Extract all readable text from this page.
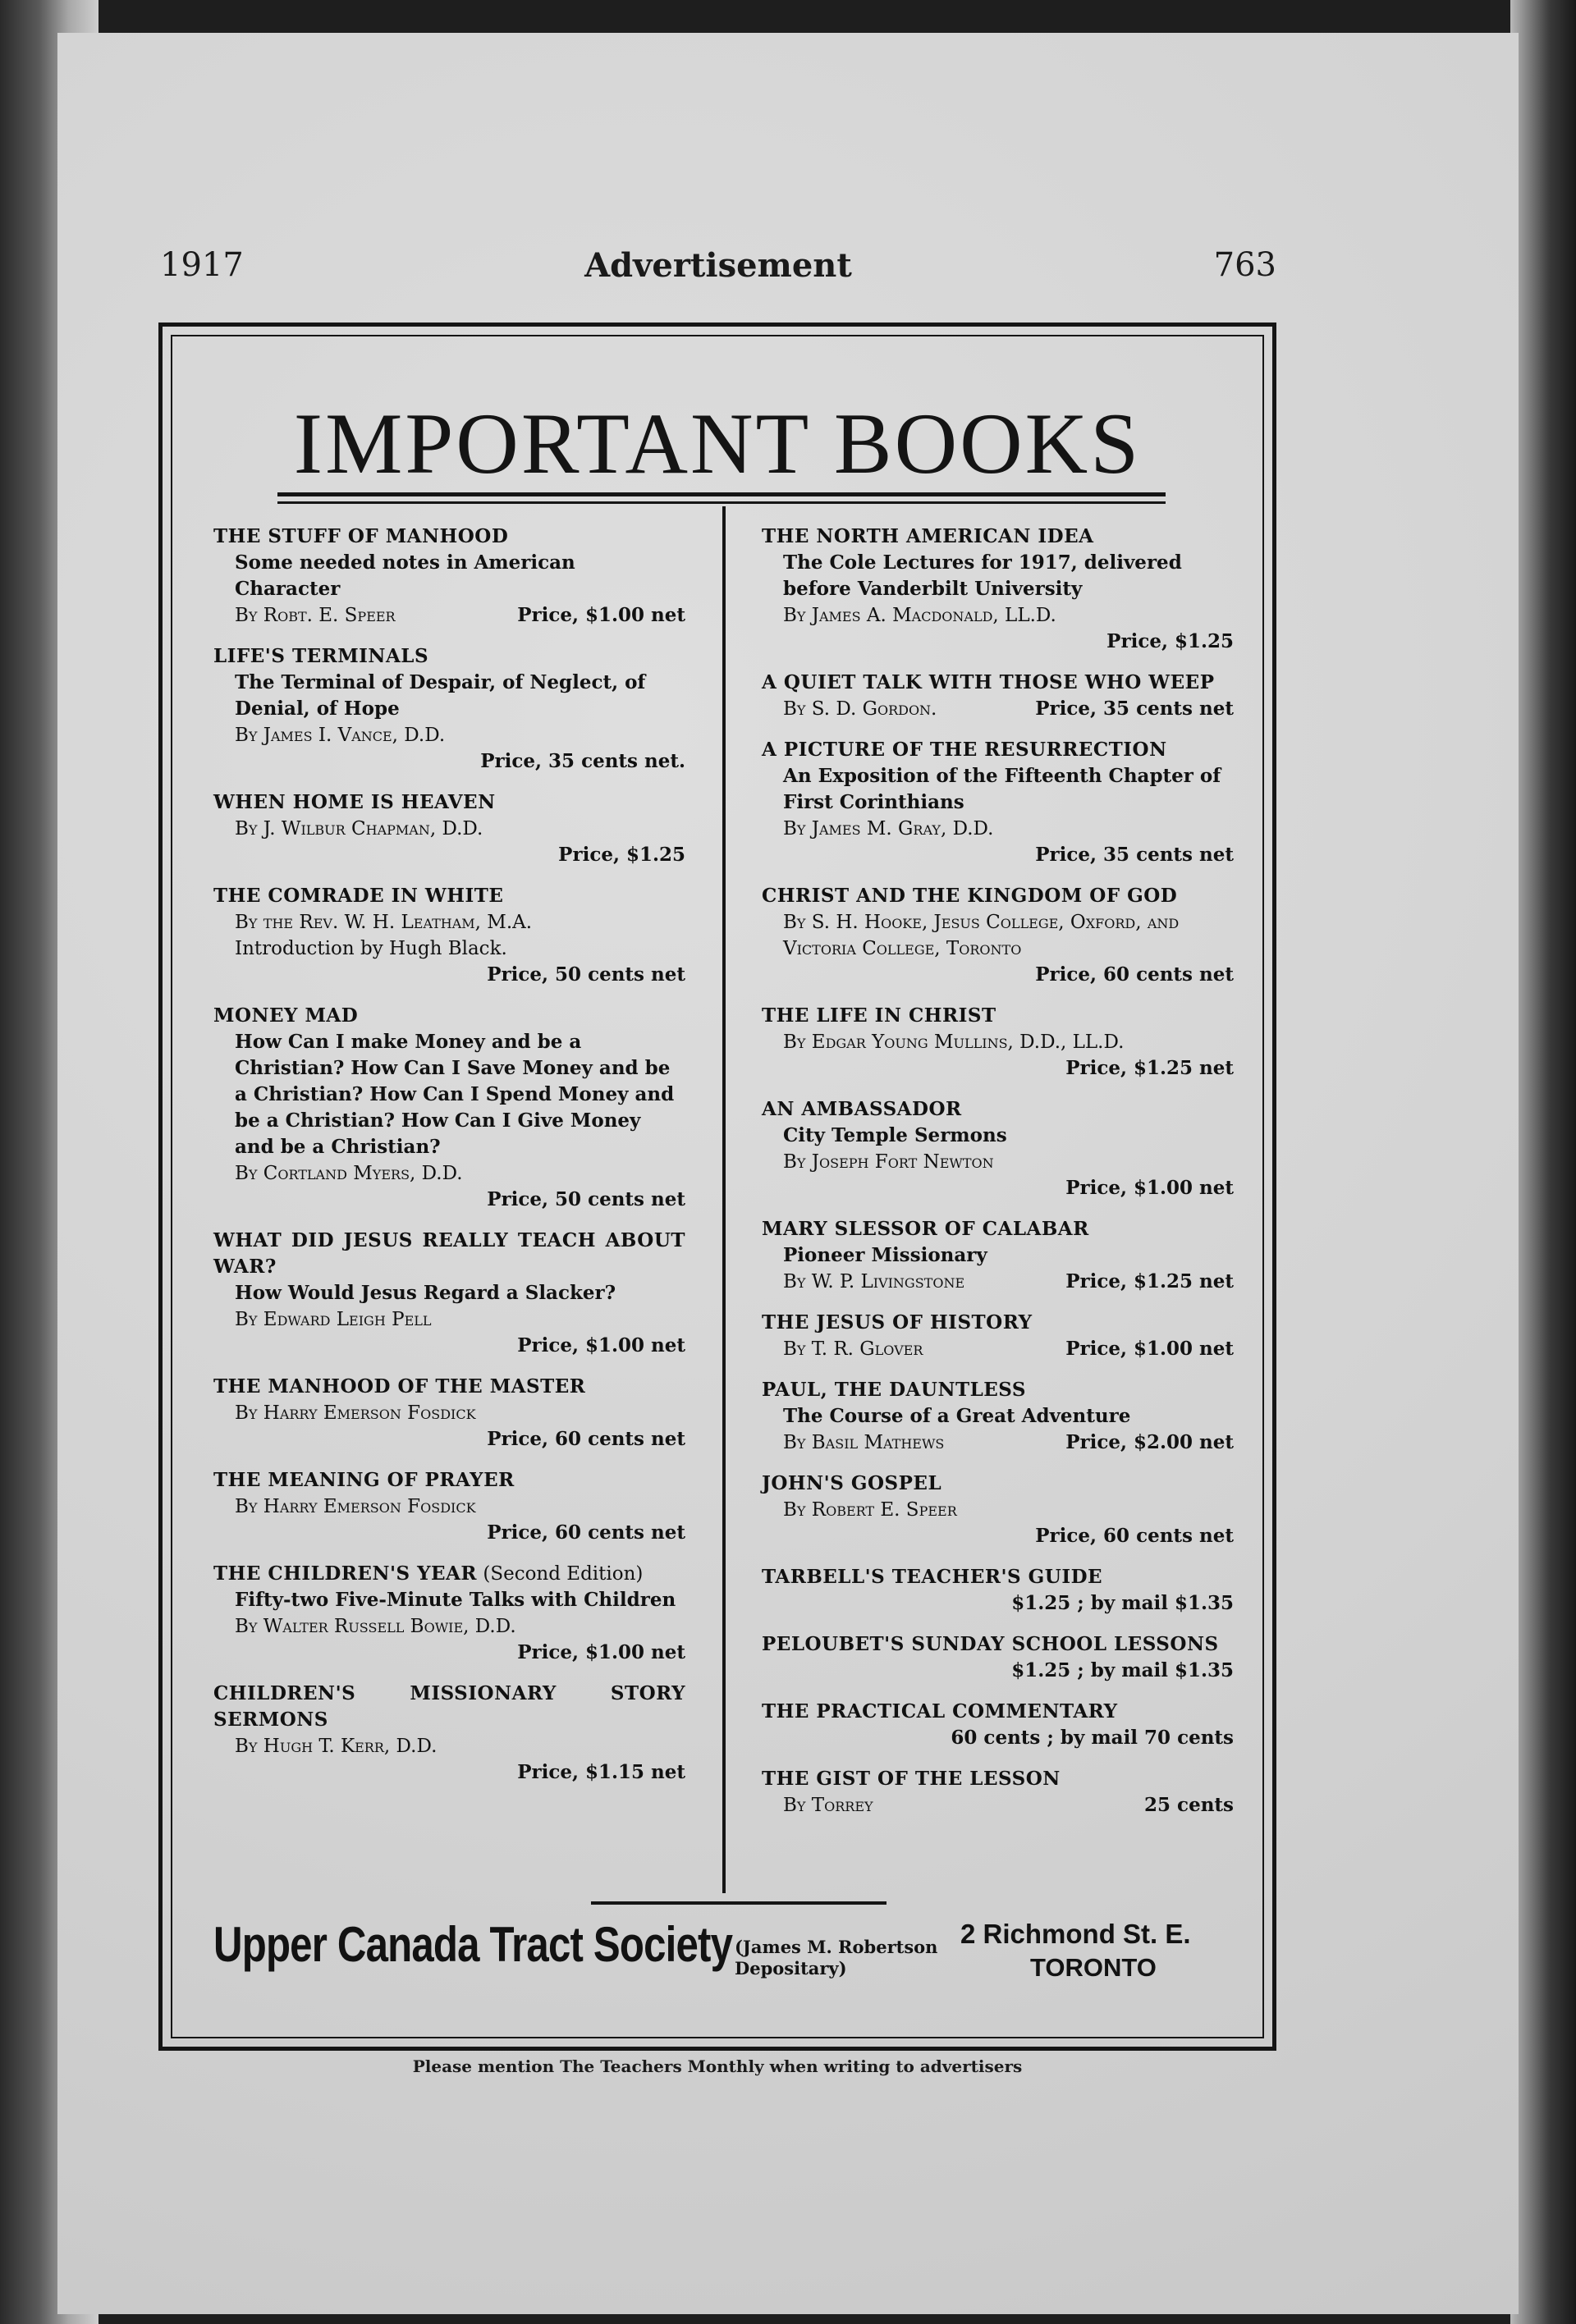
1917	Advertisement	763
IMPORTANT BOOKS
THE STUFF OF MANHOOD
Some needed notes in American Character
Price, $1.00 net
By Robt. E. Speer
LIFE'S TERMINALS
The Terminal of Despair, of Neglect, of Denial, of Hope
By James I. Vance, D.D.
Price, 35 cents net.
WHEN HOME IS HEAVEN
By J. Wilbur Chapman, D.D.
Price, $1.25
THE COMRADE IN WHITE
By the Rev. W. H. Leatham, M.A.
Introduction by Hugh Black.
Price, 50 cents net
MONEY MAD
How Can I make Money and be a Christian? How Can I Save Money and be a Christian? How Can I Spend Money and be a Christian? How Can I Give Money and be a Christian?
By Cortland Myers, D.D.
Price, 50 cents net
WHAT DID JESUS REALLY TEACH ABOUT WAR?
How Would Jesus Regard a Slacker?
By Edward Leigh Pell
Price, $1.00 net
THE MANHOOD OF THE MASTER
By Harry Emerson Fosdick
Price, 60 cents net
THE MEANING OF PRAYER
By Harry Emerson Fosdick
Price, 60 cents net
THE CHILDREN'S YEAR (Second Edition)
Fifty-two Five-Minute Talks with Children
By Walter Russell Bowie, D.D.
Price, $1.00 net
CHILDREN'S MISSIONARY STORY SERMONS
By Hugh T. Kerr, D.D.
Price, $1.15 net
THE NORTH AMERICAN IDEA
The Cole Lectures for 1917, delivered before Vanderbilt University
By James A. Macdonald, LL.D.
Price, $1.25
A QUIET TALK WITH THOSE WHO WEEP
Price, 35 cents net
By S. D. Gordon.
A PICTURE OF THE RESURRECTION
An Exposition of the Fifteenth Chapter of First Corinthians
By James M. Gray, D.D.
Price, 35 cents net
CHRIST AND THE KINGDOM OF GOD
By S. H. Hooke, Jesus College, Oxford, and Victoria College, Toronto
Price, 60 cents net
THE LIFE IN CHRIST
By Edgar Young Mullins, D.D., LL.D.
Price, $1.25 net
AN AMBASSADOR
City Temple Sermons
By Joseph Fort Newton
Price, $1.00 net
MARY SLESSOR OF CALABAR
Pioneer Missionary
Price, $1.25 net
By W. P. Livingstone
THE JESUS OF HISTORY
Price, $1.00 net
By T. R. Glover
PAUL, THE DAUNTLESS
The Course of a Great Adventure
Price, $2.00 net
By Basil Mathews
JOHN'S GOSPEL
By Robert E. Speer
Price, 60 cents net
TARBELL'S TEACHER'S GUIDE
$1.25 ; by mail $1.35
PELOUBET'S SUNDAY SCHOOL LESSONS
$1.25 ; by mail $1.35
THE PRACTICAL COMMENTARY
60 cents ; by mail 70 cents
THE GIST OF THE LESSON
25 cents
By Torrey
Upper Canada Tract Society (James M. Robertson
Depositary)
2 Richmond St. E.
TORONTO
Please mention The Teachers Monthly when writing to advertisers
